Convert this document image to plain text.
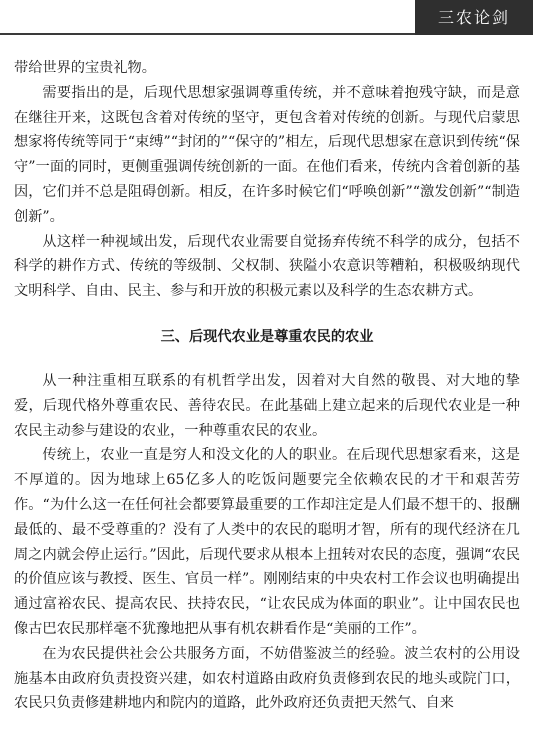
三农论剑

带给世界的宝贵礼物。

需要指出的是，后现代思想家强调尊重传统，并不意味着抱残守缺，而是意在继往开来，这既包含着对传统的坚守，更包含着对传统的创新。与现代启蒙思想家将传统等同于“束缚”“封闭的”“保守的”相左，后现代思想家在意识到传统“保守”一面的同时，更侧重强调传统创新的一面。在他们看来，传统内含着创新的基因，它们并不总是阻碍创新。相反，在许多时候它们“呼唤创新”“激发创新”“制造创新”。

从这样一种视域出发，后现代农业需要自觉扬弃传统不科学的成分，包括不科学的耕作方式、传统的等级制、父权制、狭隘小农意识等糟粕，积极吸纳现代文明科学、自由、民主、参与和开放的积极元素以及科学的生态农耕方式。

三、后现代农业是尊重农民的农业

从一种注重相互联系的有机哲学出发，因着对大自然的敬畏、对大地的挚爱，后现代格外尊重农民、善待农民。在此基础上建立起来的后现代农业是一种农民主动参与建设的农业，一种尊重农民的农业。

传统上，农业一直是穷人和没文化的人的职业。在后现代思想家看来，这是不厚道的。因为地球上65亿多人的吃饭问题要完全依赖农民的才干和艰苦劳作。“为什么这一在任何社会都要算最重要的工作却注定是人们最不想干的、报酬最低的、最不受尊重的？没有了人类中的农民的聪明才智，所有的现代经济在几周之内就会停止运行。”因此，后现代要求从根本上扭转对农民的态度，强调“农民的价值应该与教授、医生、官员一样”。刚刚结束的中央农村工作会议也明确提出通过富裕农民、提高农民、扶持农民，“让农民成为体面的职业”。让中国农民也像古巴农民那样毫不犹豫地把从事有机农耕看作是“美丽的工作”。

在为农民提供社会公共服务方面，不妨借鉴波兰的经验。波兰农村的公用设施基本由政府负责投资兴建，如农村道路由政府负责修到农民的地头或院门口，农民只负责修建耕地内和院内的道路，此外政府还负责把天然气、自来
